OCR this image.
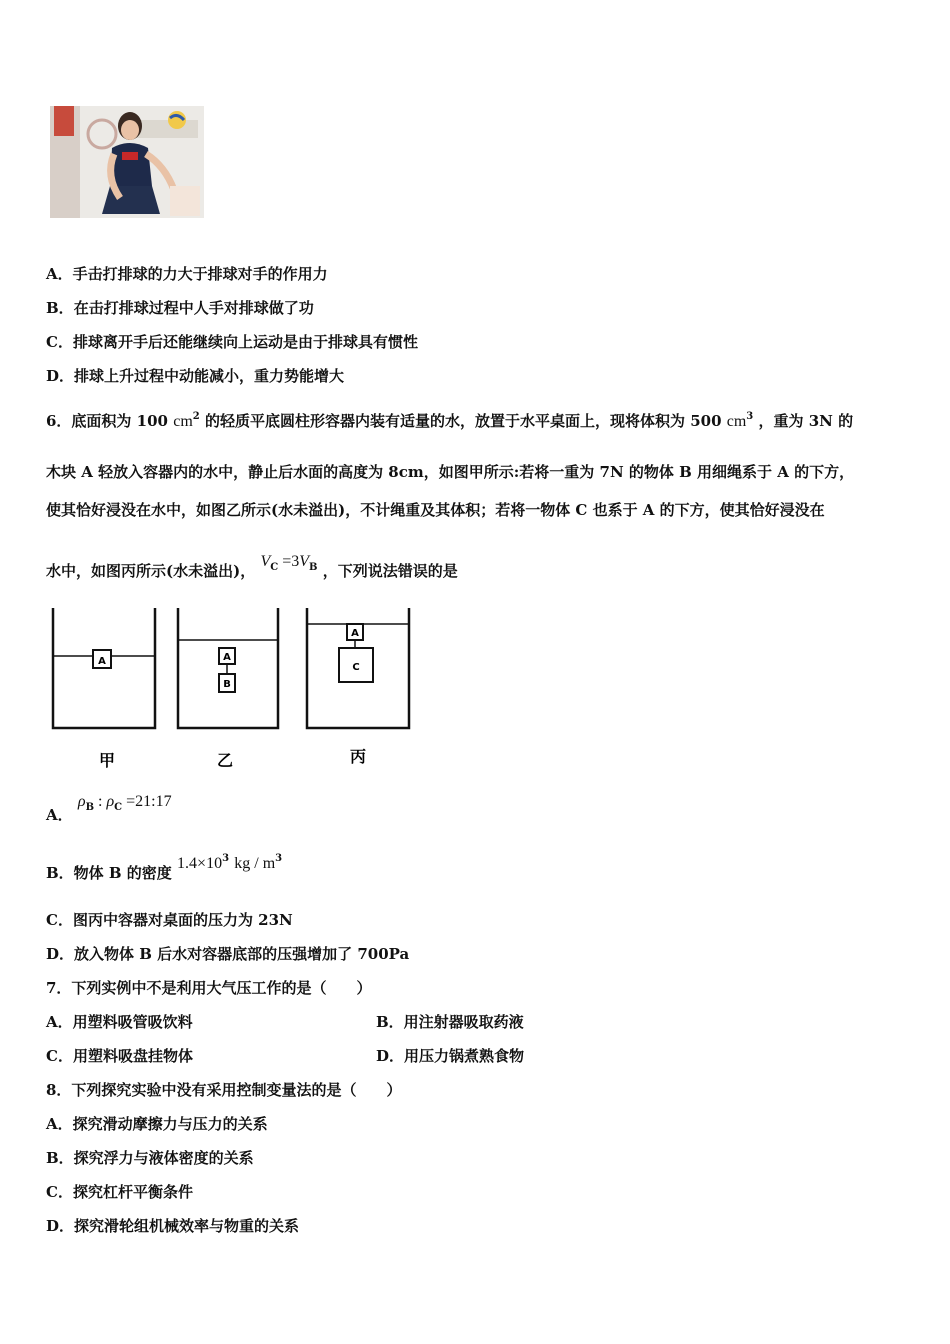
A．手击打排球的力大于排球对手的作用力
B．在击打排球过程中人手对排球做了功
C．排球离开手后还能继续向上运动是由于排球具有惯性
D．排球上升过程中动能减小，重力势能增大
6．底面积为 100 $cm^2$ 的轻质平底圆柱形容器内装有适量的水，放置于水平桌面上，现将体积为 500 $cm^3$ ，重为 3N 的
木块 A 轻放入容器内的水中，静止后水面的高度为 8cm，如图甲所示:若将一重为 7N 的物体 B 用细绳系于 A 的下方，
使其恰好浸没在水中，如图乙所示(水未溢出)，不计绳重及其体积；若将一物体 C 也系于 A 的下方，使其恰好浸没在
水中，如图丙所示(水未溢出)， $V_C =3V_B$ ，下列说法错误的是
A
甲
A
B
乙
A
C
丙
A． $\rho_B$ : $\rho_C$ =21:17
B．物体 B 的密度 $1.4\times 10^3$ kg / $m^3$
C．图丙中容器对桌面的压力为 23N
D．放入物体 B 后水对容器底部的压强增加了 700Pa
7．下列实例中不是利用大气压工作的是（　　）
A．用塑料吸管吸饮料	B．用注射器吸取药液
C．用塑料吸盘挂物体	D．用压力锅煮熟食物
8．下列探究实验中没有采用控制变量法的是（　　）
A．探究滑动摩擦力与压力的关系
B．探究浮力与液体密度的关系
C．探究杠杆平衡条件
D．探究滑轮组机械效率与物重的关系
